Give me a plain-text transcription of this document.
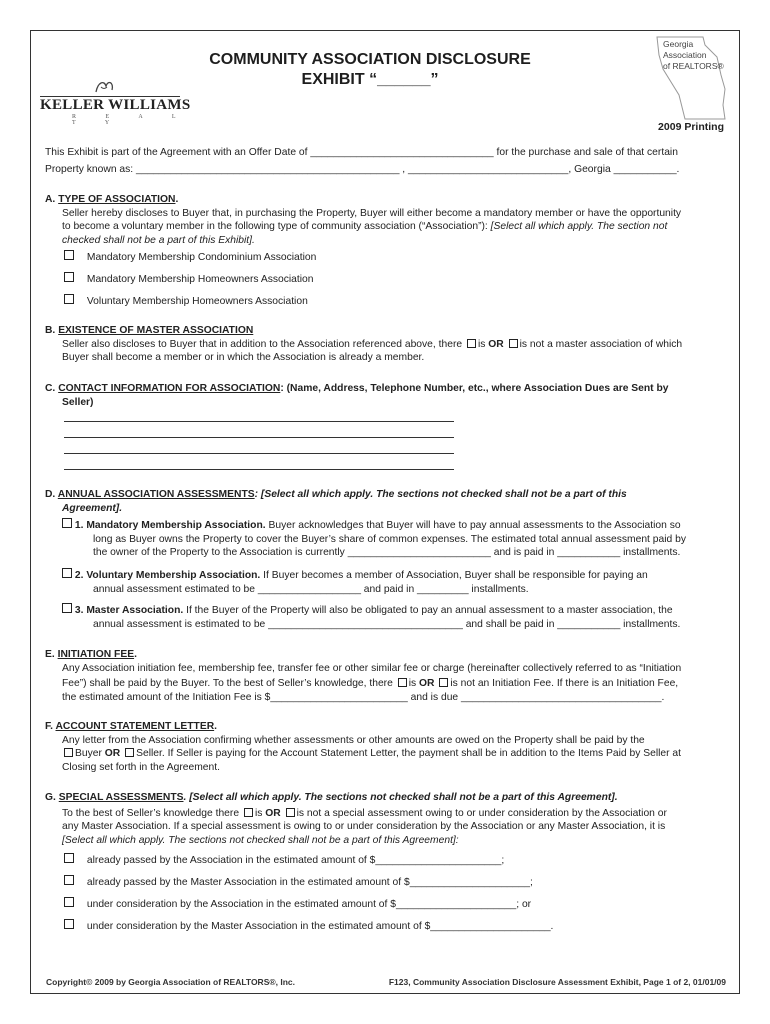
COMMUNITY ASSOCIATION DISCLOSURE
EXHIBIT “______”
KELLER WILLIAMS
R E A L T Y
Georgia
Association
of REALTORS®
2009 Printing
This Exhibit is part of the Agreement with an Offer Date of ________________________________ for the purchase and sale of that certain
Property known as: ______________________________________________ , ____________________________, Georgia ___________.
A. TYPE OF ASSOCIATION.
Seller hereby discloses to Buyer that, in purchasing the Property, Buyer will either become a mandatory member or have the opportunity
to become a voluntary member in the following type of community association (“Association”): [Select all which apply. The section not
checked shall not be a part of this Exhibit].
Mandatory Membership Condominium Association
Mandatory Membership Homeowners Association
Voluntary Membership Homeowners Association
B. EXISTENCE OF MASTER ASSOCIATION
Seller also discloses to Buyer that in addition to the Association referenced above, there is OR is not a master association of which
Buyer shall become a member or in which the Association is already a member.
C. CONTACT INFORMATION FOR ASSOCIATION: (Name, Address, Telephone Number, etc., where Association Dues are Sent by
Seller)
D. ANNUAL ASSOCIATION ASSESSMENTS: [Select all which apply. The sections not checked shall not be a part of this
Agreement].
1. Mandatory Membership Association. Buyer acknowledges that Buyer will have to pay annual assessments to the Association so
long as Buyer owns the Property to cover the Buyer’s share of common expenses. The estimated total annual assessment paid by
the owner of the Property to the Association is currently _________________________ and is paid in ___________ installments.
2. Voluntary Membership Association. If Buyer becomes a member of Association, Buyer shall be responsible for paying an
annual assessment estimated to be __________________ and paid in _________ installments.
3. Master Association. If the Buyer of the Property will also be obligated to pay an annual assessment to a master association, the
annual assessment is estimated to be __________________________________ and shall be paid in ___________ installments.
E. INITIATION FEE.
Any Association initiation fee, membership fee, transfer fee or other similar fee or charge (hereinafter collectively referred to as “Initiation
Fee”) shall be paid by the Buyer. To the best of Seller’s knowledge, there is OR is not an Initiation Fee. If there is an Initiation Fee,
the estimated amount of the Initiation Fee is $________________________ and is due ___________________________________.
F. ACCOUNT STATEMENT LETTER.
Any letter from the Association confirming whether assessments or other amounts are owed on the Property shall be paid by the
Buyer OR Seller. If Seller is paying for the Account Statement Letter, the payment shall be in addition to the Items Paid by Seller at
Closing set forth in the Agreement.
G. SPECIAL ASSESSMENTS. [Select all which apply. The sections not checked shall not be a part of this Agreement].
To the best of Seller’s knowledge there is OR is not a special assessment owing to or under consideration by the Association or
any Master Association. If a special assessment is owing to or under consideration by the Association or any Master Association, it is
[Select all which apply. The sections not checked shall not be a part of this Agreement]:
already passed by the Association in the estimated amount of $______________________;
already passed by the Master Association in the estimated amount of $_____________________;
under consideration by the Association in the estimated amount of $_____________________; or
under consideration by the Master Association in the estimated amount of $_____________________.
Copyright© 2009 by Georgia Association of REALTORS®, Inc.	F123, Community Association Disclosure Assessment Exhibit, Page 1 of 2, 01/01/09
